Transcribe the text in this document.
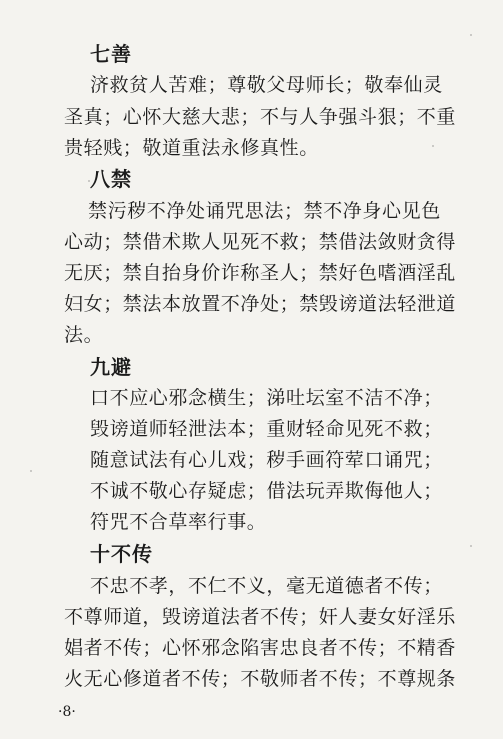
七善
济救贫人苦难；尊敬父母师长；敬奉仙灵
圣真；心怀大慈大悲；不与人争强斗狠；不重
贵轻贱；敬道重法永修真性。
八禁
禁污秽不净处诵咒思法；禁不净身心见色
心动；禁借术欺人见死不救；禁借法敛财贪得
无厌；禁自抬身价诈称圣人；禁好色嗜酒淫乱
妇女；禁法本放置不净处；禁毁谤道法轻泄道
法。
九避
口不应心邪念横生；涕吐坛室不洁不净；
毁谤道师轻泄法本；重财轻命见死不救；
随意试法有心儿戏；秽手画符荤口诵咒；
不诚不敬心存疑虑；借法玩弄欺侮他人；
符咒不合草率行事。
十不传
不忠不孝，不仁不义，毫无道德者不传；
不尊师道，毁谤道法者不传；奸人妻女好淫乐
娼者不传；心怀邪念陷害忠良者不传；不精香
火无心修道者不传；不敬师者不传；不尊规条
·8·
